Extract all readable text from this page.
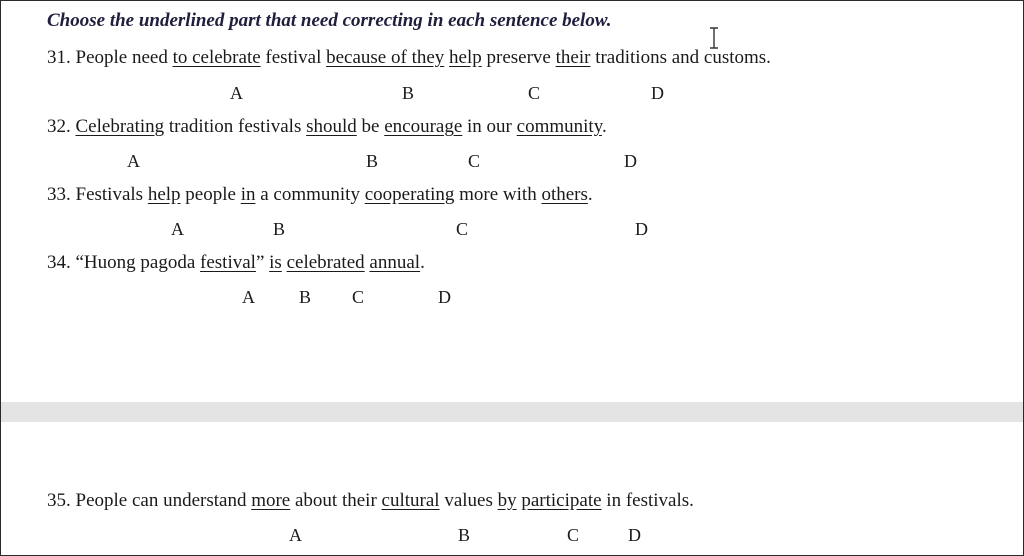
Choose the underlined part that need correcting in each sentence below.
31. People need to celebrate festival because of they help preserve their traditions and customs.
A	B	C	D
32. Celebrating tradition festivals should be encourage in our community.
A	B	C	D
33. Festivals help people in a community cooperating more with others.
A	B	C	D
34. “Huong pagoda festival” is celebrated annual.
A B C	D
35. People can understand more about their cultural values by participate in festivals.
A	B	C	D
